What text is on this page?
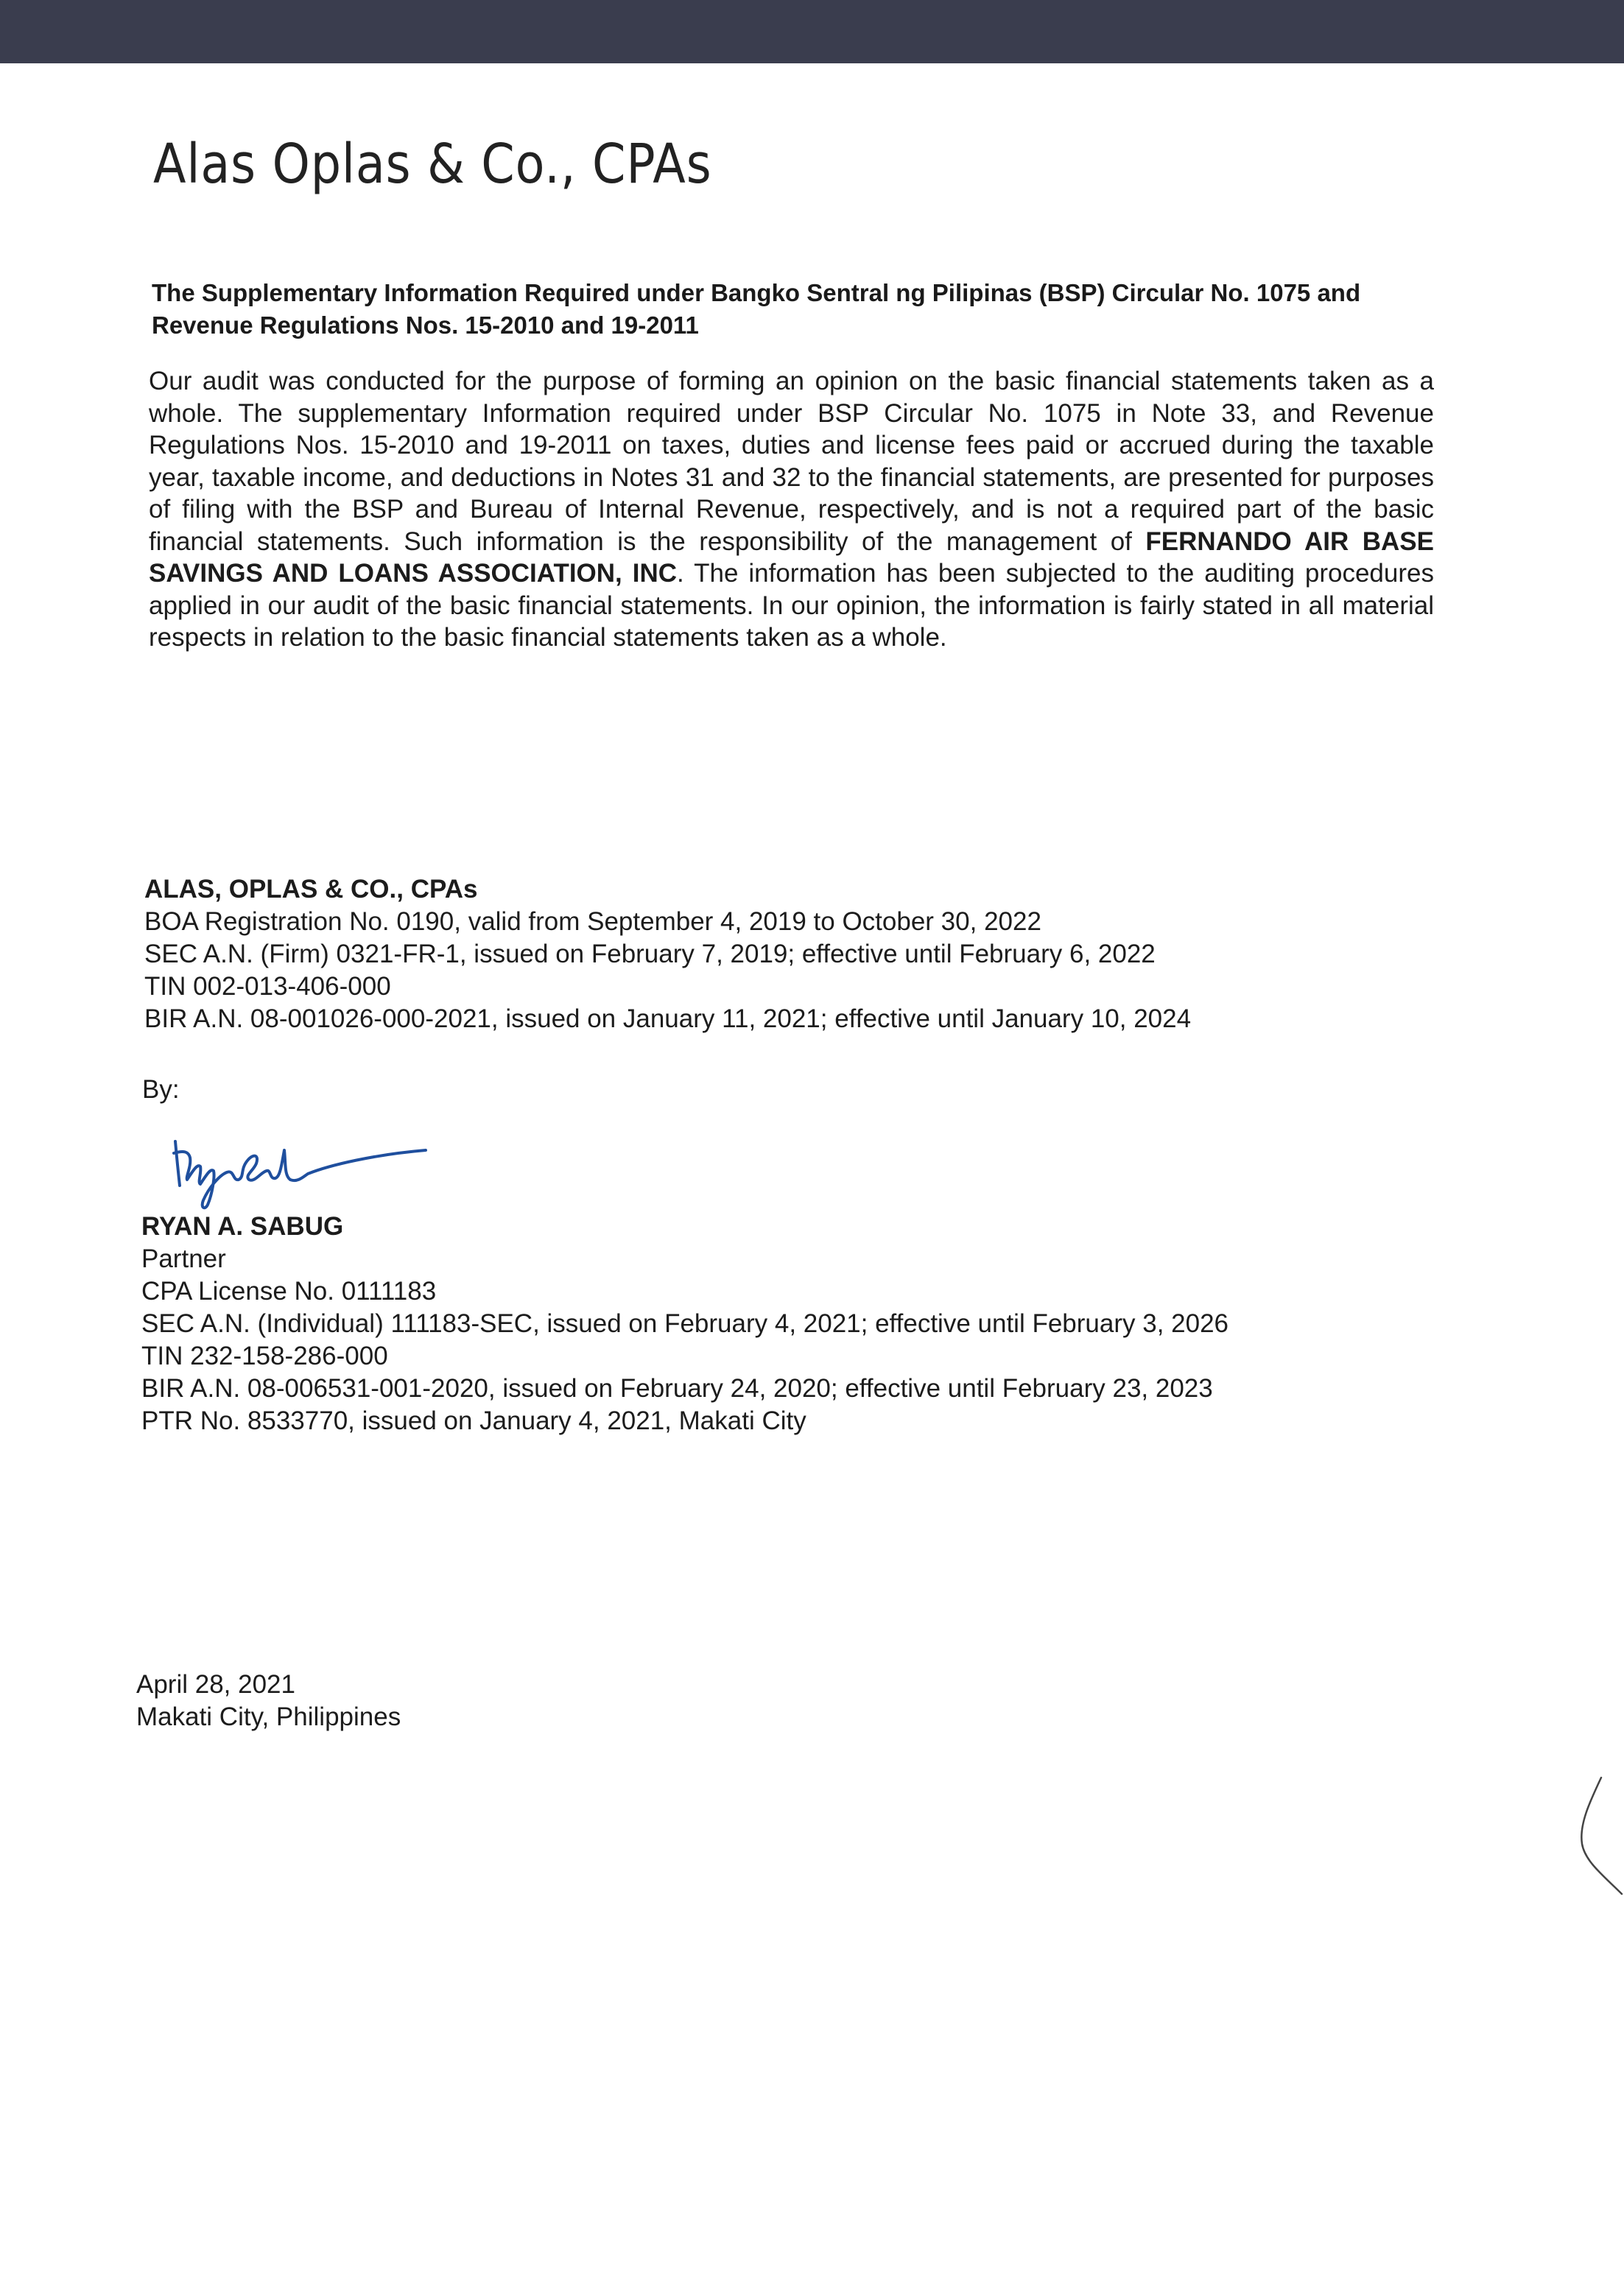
Alas Oplas & Co., CPAs
The Supplementary Information Required under Bangko Sentral ng Pilipinas (BSP) Circular No. 1075 and Revenue Regulations Nos. 15-2010 and 19-2011

Our audit was conducted for the purpose of forming an opinion on the basic financial statements taken as a whole. The supplementary Information required under BSP Circular No. 1075 in Note 33, and Revenue Regulations Nos. 15-2010 and 19-2011 on taxes, duties and license fees paid or accrued during the taxable year, taxable income, and deductions in Notes 31 and 32 to the financial statements, are presented for purposes of filing with the BSP and Bureau of Internal Revenue, respectively, and is not a required part of the basic financial statements. Such information is the responsibility of the management of FERNANDO AIR BASE SAVINGS AND LOANS ASSOCIATION, INC. The information has been subjected to the auditing procedures applied in our audit of the basic financial statements. In our opinion, the information is fairly stated in all material respects in relation to the basic financial statements taken as a whole.

ALAS, OPLAS & CO., CPAs
BOA Registration No. 0190, valid from September 4, 2019 to October 30, 2022
SEC A.N. (Firm) 0321-FR-1, issued on February 7, 2019; effective until February 6, 2022
TIN 002-013-406-000
BIR A.N. 08-001026-000-2021, issued on January 11, 2021; effective until January 10, 2024
By:
RYAN A. SABUG
Partner
CPA License No. 0111183
SEC A.N. (Individual) 111183-SEC, issued on February 4, 2021; effective until February 3, 2026
TIN 232-158-286-000
BIR A.N. 08-006531-001-2020, issued on February 24, 2020; effective until February 23, 2023
PTR No. 8533770, issued on January 4, 2021, Makati City
April 28, 2021
Makati City, Philippines
